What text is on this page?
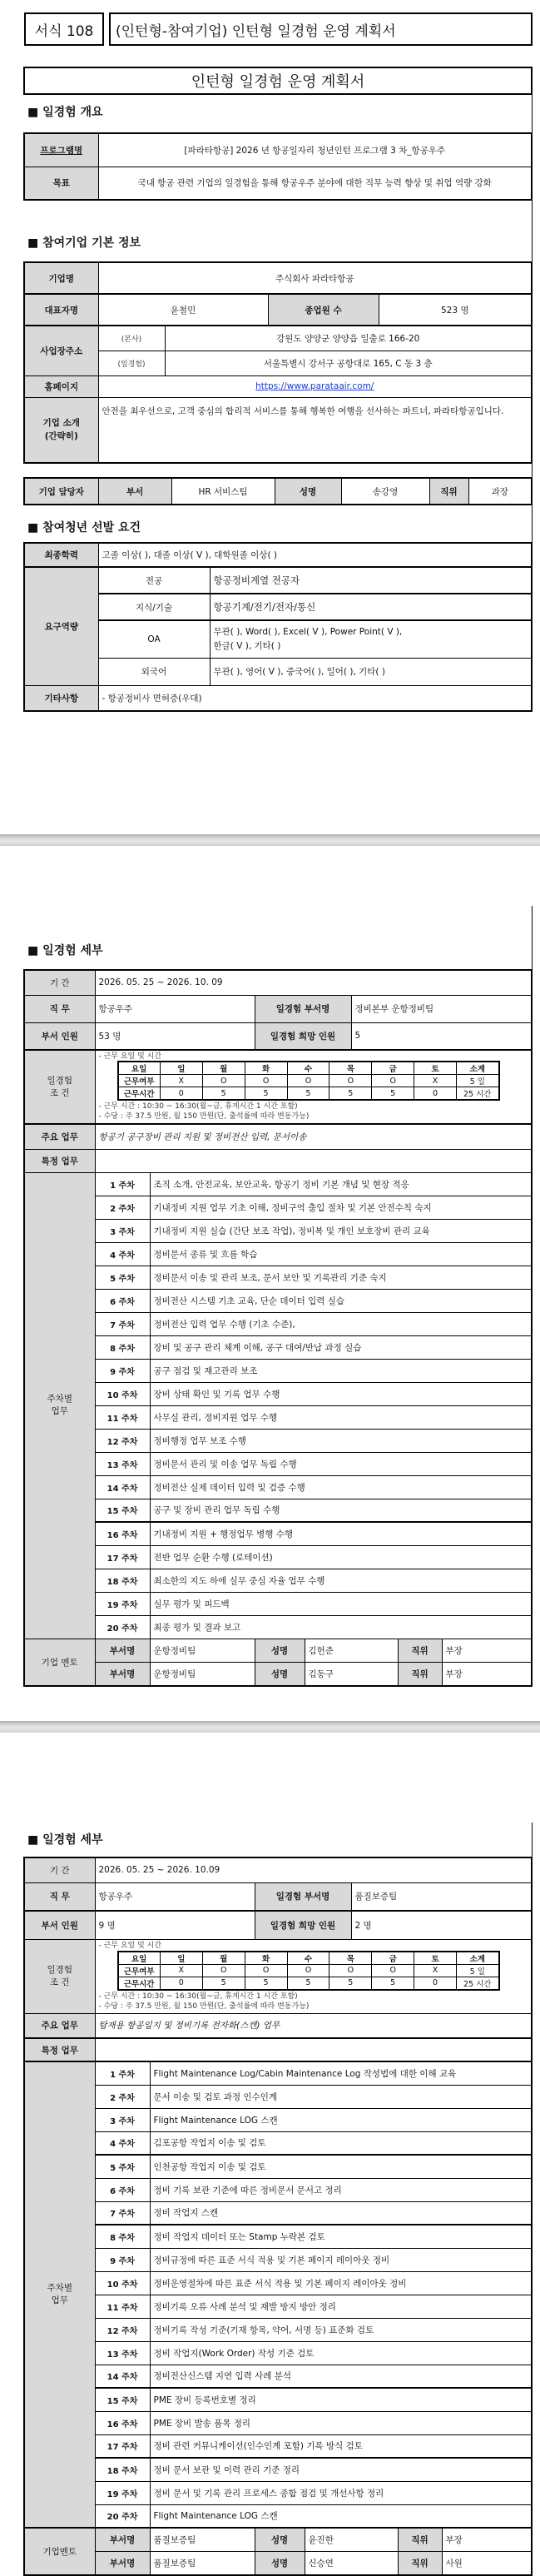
서식 108 (인턴형-참여기업) 인턴형 일경험 운영 계획서
인턴형 일경험 운영 계획서
■ 일경험 개요
프로그램명	[파라타항공] 2026 년 항공일자리 청년인턴 프로그램 3 차_항공우주
목표	국내 항공 관련 기업의 일경험을 통해 항공우주 분야에 대한 직무 능력 향상 및 취업 역량 강화
■ 참여기업 기본 정보
기업명	주식회사 파라타항공			
대표자명	윤철민		종업원 수	523 명
사업장주소	(본사)	강원도 양양군 양양읍 일출로 166-20		
	(일경험)	서울특별시 강서구 공항대로 165, C 동 3 층		
홈페이지	https://www.parataair.com/			

기업 소개
(간략히)	안전을 최우선으로, 고객 중심의 합리적 서비스를 통해 행복한 여행을 선사하는 파트너, 파라타항공입니다.			
기업 담당자	부서	HR 서비스팀	성명	송강영	직위	과장
■ 참여청년 선발 요건
최종학력	고졸 이상( ), 대졸 이상( V ), 대학원졸 이상( )	
요구역량	전공	항공정비계열 전공자
	지식/기술	항공기계/전기/전자/통신
	OA	무관( ), Word( ), Excel( V ), Power Point( V ),
한글( V ), 기타( )

	외국어	무관( ), 영어( V ), 중국어( ), 일어( ), 기타( )
기타사항	- 항공정비사 면허증(우대)	
■ 일경험 세부
기 간	2026. 05. 25 ~ 2026. 10. 09
직 무	항공우주	일경험 부서명	정비본부 운항정비팀
부서 인원	53 명	일경험 희망 인원	5

일경험
조 건

- 근무 요일 및 시간
요일	일	월	화	수	목	금	토	소계
근무여부	X	O	O	O	O	O	X	5 일
근무시간	0	5	5	5	5	5	0	25 시간
- 근무 시간 : 10:30 ~ 16:30(월~금, 휴게시간 1 시간 포함)
- 수당 : 주 37.5 만원, 월 150 만원(단, 출석률에 따라 변동가능)

주요 업무	항공기 공구장비 관리 지원 및 정비전산 입력, 문서이송
특정 업무	

주차별
업무
	1 주차	조직 소개, 안전교육, 보안교육, 항공기 정비 기본 개념 및 현장 적응
2 주차	기내정비 지원 업무 기초 이해, 정비구역 출입 절차 및 기본 안전수칙 숙지
3 주차	기내정비 지원 실습 (간단 보조 작업), 정비복 및 개인 보호장비 관리 교육
4 주차	정비문서 종류 및 흐름 학습
5 주차	정비문서 이송 및 관리 보조, 문서 보안 및 기록관리 기준 숙지
6 주차	정비전산 시스템 기초 교육, 단순 데이터 입력 실습
7 주차	정비전산 입력 업무 수행 (기초 수준),
8 주차	장비 및 공구 관리 체계 이해, 공구 대여/반납 과정 실습
9 주차	공구 점검 및 재고관리 보조
10 주차	장비 상태 확인 및 기록 업무 수행
11 주차	사무실 관리, 정비지원 업무 수행
12 주차	정비행정 업무 보조 수행
13 주차	정비문서 관리 및 이송 업무 독립 수행
14 주차	정비전산 실제 데이터 입력 및 검증 수행
15 주차	공구 및 장비 관리 업무 독립 수행
16 주차	기내정비 지원 + 행정업무 병행 수행
17 주차	전반 업무 순환 수행 (로테이션)
18 주차	최소한의 지도 하에 실무 중심 자율 업무 수행
19 주차	실무 평가 및 피드백
20 주차	최종 평가 및 결과 보고
기업 멘토	부서명	운항정비팀	성명	김헌준	직위	부장

부서명	운항정비팀	성명	김동구	직위	부장
■ 일경험 세부
기 간	2026. 05. 25 ~ 2026. 10.09
직 무	항공우주	일경험 부서명	품질보증팀
부서 인원	9 명	일경험 희망 인원	2 명

일경험
조 건

- 근무 요일 및 시간
요일	일	월	화	수	목	금	토	소계
근무여부	X	O	O	O	O	O	X	5 일
근무시간	0	5	5	5	5	5	0	25 시간
- 근무 시간 : 10:30 ~ 16:30(월~금, 휴게시간 1 시간 포함)
- 수당 : 주 37.5 만원, 월 150 만원(단, 출석률에 따라 변동가능)

주요 업무	탑재용 항공일지 및 정비기록 전자화(스캔) 업무
특정 업무	

주차별
업무
	1 주차	Flight Maintenance Log/Cabin Maintenance Log 작성법에 대한 이해 교육
2 주차	문서 이송 및 검토 과정 인수인계
3 주차	Flight Maintenance LOG 스캔
4 주차	김포공항 작업지 이송 및 검토
5 주차	인천공항 작업지 이송 및 검토
6 주차	정비 기록 보관 기준에 따른 정비문서 문서고 정리
7 주차	정비 작업지 스캔
8 주차	정비 작업지 데이터 또는 Stamp 누락본 검토
9 주차	정비규정에 따른 표준 서식 적용 및 기본 페이지 레이아웃 정비
10 주차	정비운영절차에 따른 표준 서식 적용 및 기본 페이지 레이아웃 정비
11 주차	정비기록 오류 사례 분석 및 재발 방지 방안 정리
12 주차	정비기록 작성 기준(기재 항목, 약어, 서명 등) 표준화 검토
13 주차	정비 작업지(Work Order) 작성 기준 검토
14 주차	정비전산신스템 지연 입력 사례 분석
15 주차	PME 장비 등록번호별 정리
16 주차	PME 장비 발송 품목 정리
17 주차	정비 관련 커뮤니케이션(인수인계 포함) 기록 방식 검토
18 주차	정비 문서 보관 및 이력 관리 기준 정리
19 주차	정비 문서 및 기록 관리 프로세스 종합 점검 및 개선사항 정리
20 주차	Flight Maintenance LOG 스캔
기업멘토	부서명	품질보증팀	성명	윤진한	직위	부장

부서명	품질보증팀	성명	신승연	직위	사원
